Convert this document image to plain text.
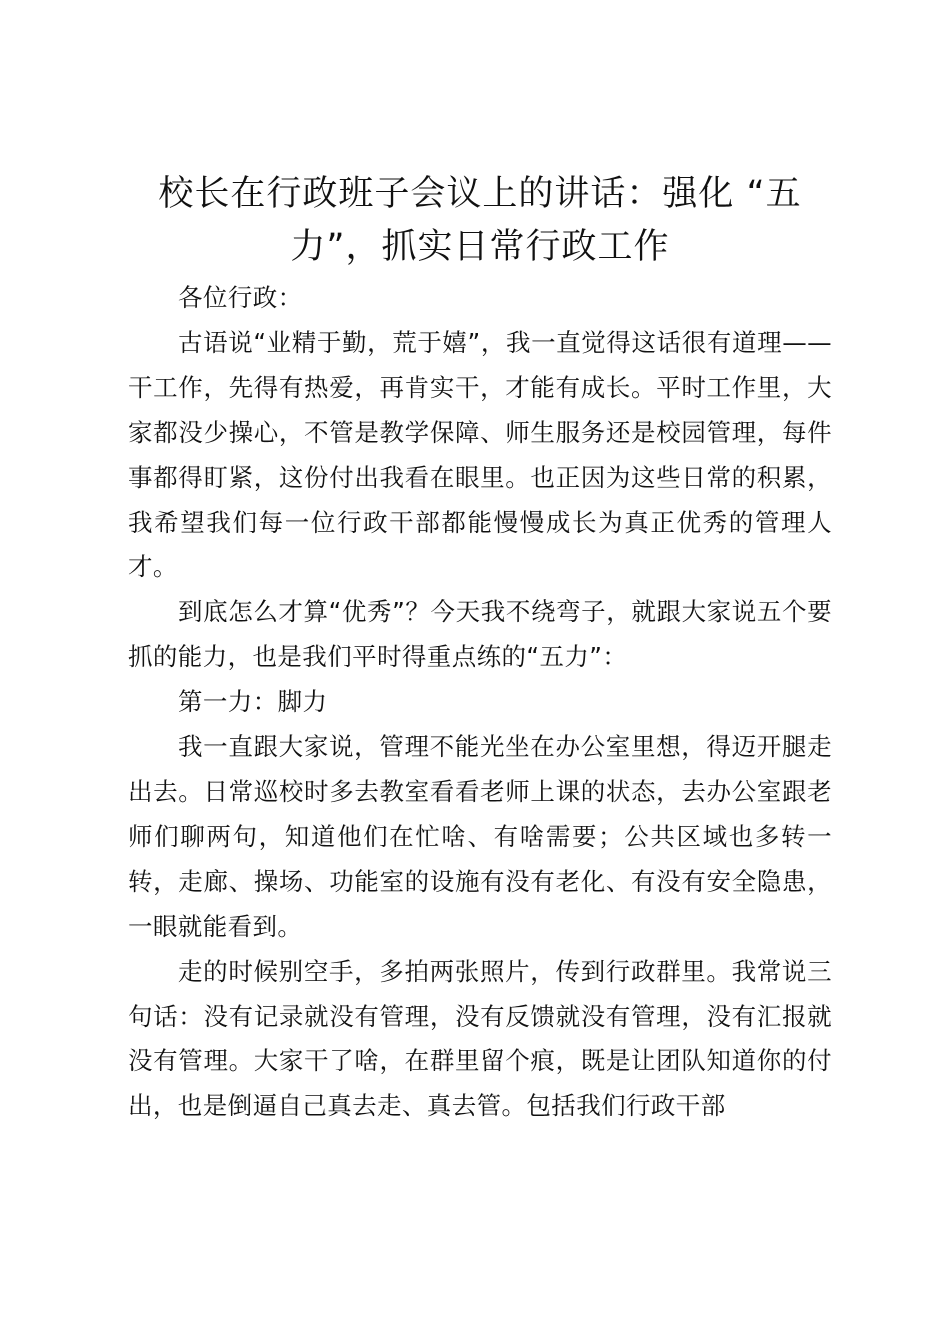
校长在行政班子会议上的讲话：强化 “五
力”，抓实日常行政工作

各位行政：

古语说“业精于勤，荒于嬉”，我一直觉得这话很有道理——干工作，先得有热爱，再肯实干，才能有成长。平时工作里，大家都没少操心，不管是教学保障、师生服务还是校园管理，每件事都得盯紧，这份付出我看在眼里。也正因为这些日常的积累，我希望我们每一位行政干部都能慢慢成长为真正优秀的管理人才。

到底怎么才算“优秀”？今天我不绕弯子，就跟大家说五个要抓的能力，也是我们平时得重点练的“五力”：

第一力：脚力

我一直跟大家说，管理不能光坐在办公室里想，得迈开腿走出去。日常巡校时多去教室看看老师上课的状态，去办公室跟老师们聊两句，知道他们在忙啥、有啥需要；公共区域也多转一转，走廊、操场、功能室的设施有没有老化、有没有安全隐患，一眼就能看到。

走的时候别空手，多拍两张照片，传到行政群里。我常说三句话：没有记录就没有管理，没有反馈就没有管理，没有汇报就没有管理。大家干了啥，在群里留个痕，既是让团队知道你的付出，也是倒逼自己真去走、真去管。包括我们行政干部
